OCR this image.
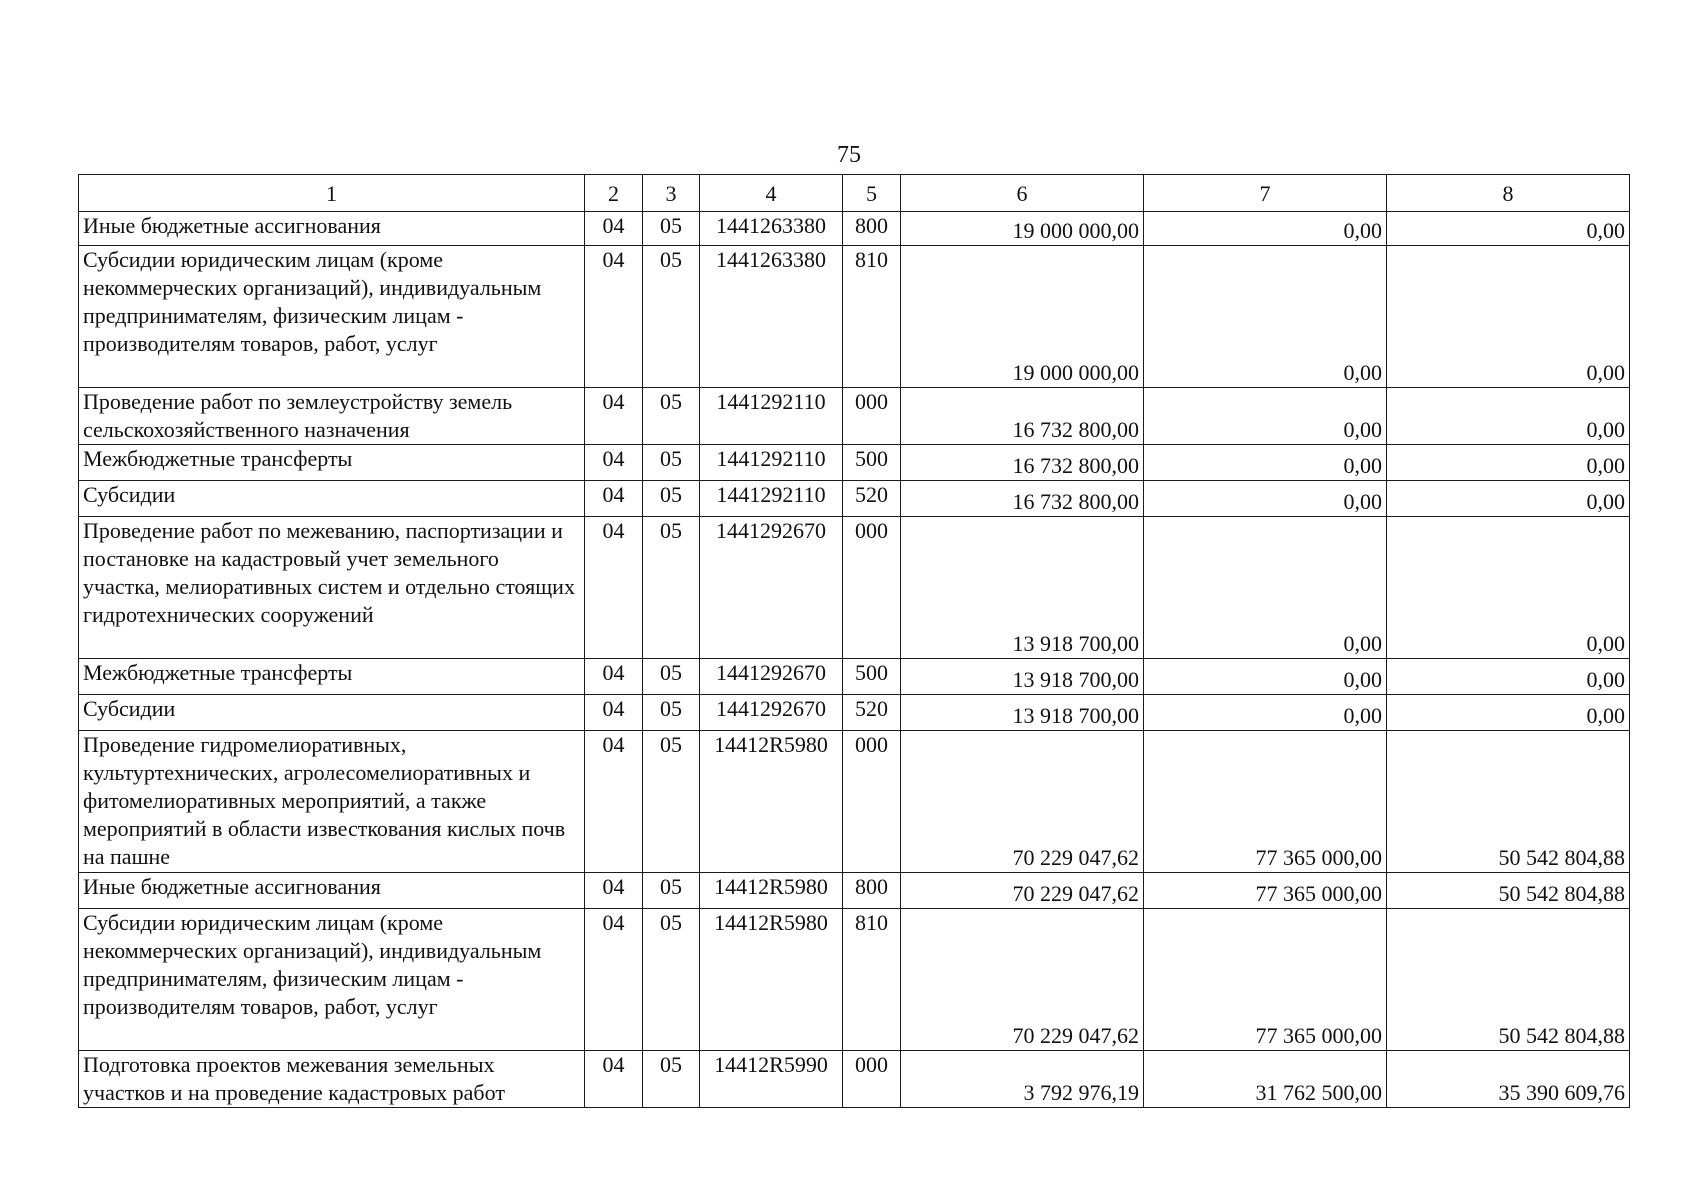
75
1	2	3	4	5	6	7	8
Иные бюджетные ассигнования	04	05	1441263380	800	19 000 000,00	0,00	0,00
Субсидии юридическим лицам (кроме некоммерческих организаций), индивидуальным предпринимателям, физическим лицам - производителям товаров, работ, услуг	04	05	1441263380	810	19 000 000,00	0,00	0,00
Проведение работ по землеустройству земель сельскохозяйственного назначения	04	05	1441292110	000	16 732 800,00	0,00	0,00
Межбюджетные трансферты	04	05	1441292110	500	16 732 800,00	0,00	0,00
Субсидии	04	05	1441292110	520	16 732 800,00	0,00	0,00
Проведение работ по межеванию, паспортизации и постановке на кадастровый учет земельного участка, мелиоративных систем и отдельно стоящих гидротехнических сооружений	04	05	1441292670	000	13 918 700,00	0,00	0,00
Межбюджетные трансферты	04	05	1441292670	500	13 918 700,00	0,00	0,00
Субсидии	04	05	1441292670	520	13 918 700,00	0,00	0,00
Проведение гидромелиоративных, культуртехнических, агролесомелиоративных и фитомелиоративных мероприятий, а также мероприятий в области известкования кислых почв на пашне	04	05	14412R5980	000	70 229 047,62	77 365 000,00	50 542 804,88
Иные бюджетные ассигнования	04	05	14412R5980	800	70 229 047,62	77 365 000,00	50 542 804,88
Субсидии юридическим лицам (кроме некоммерческих организаций), индивидуальным предпринимателям, физическим лицам - производителям товаров, работ, услуг	04	05	14412R5980	810	70 229 047,62	77 365 000,00	50 542 804,88
Подготовка проектов межевания земельных участков и на проведение кадастровых работ	04	05	14412R5990	000	3 792 976,19	31 762 500,00	35 390 609,76
